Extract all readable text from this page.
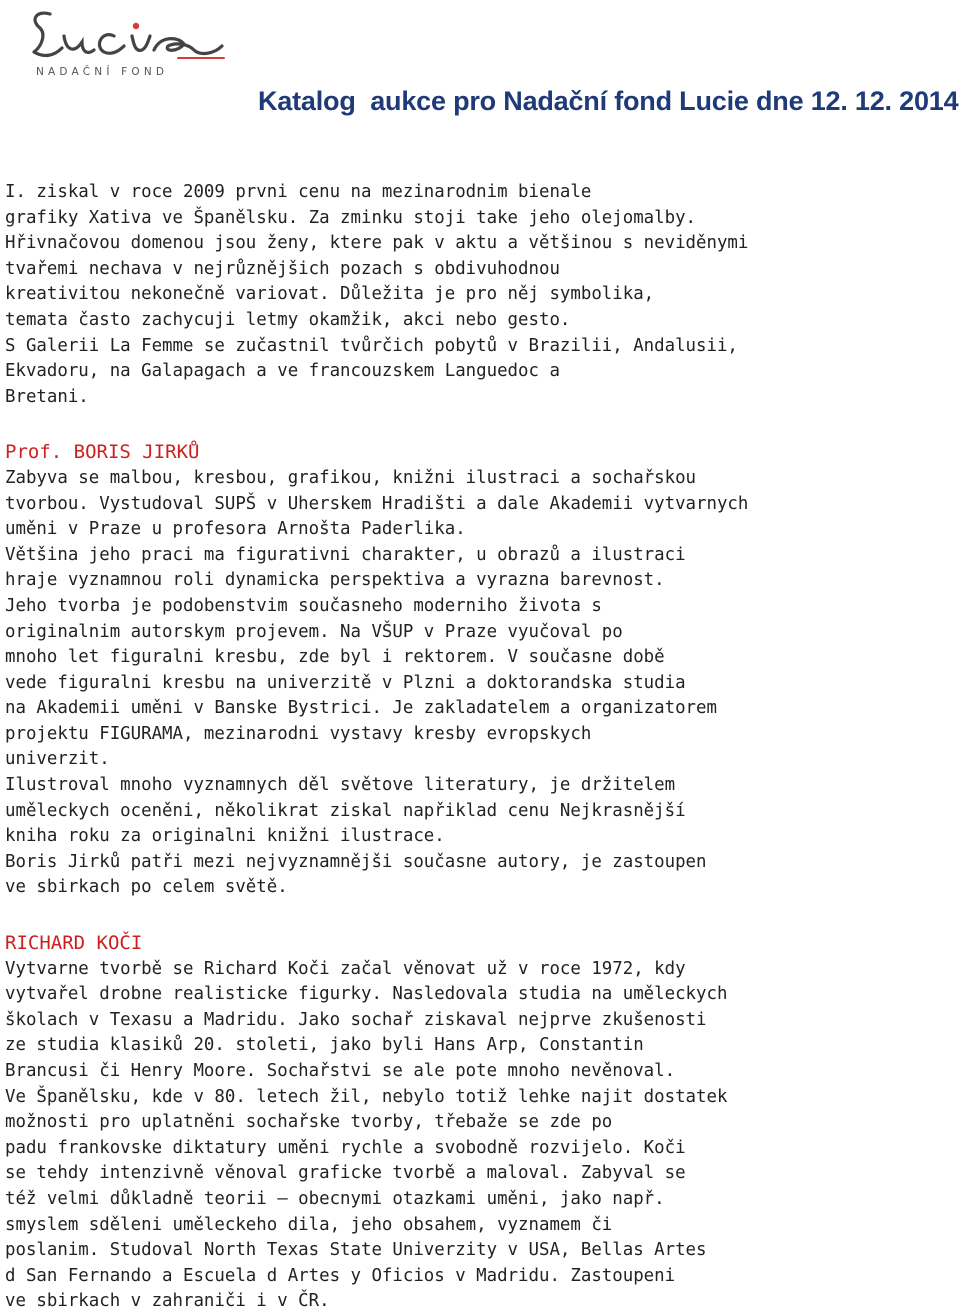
NADAČNÍ FOND
Katalog  aukce pro Nadační fond Lucie dne 12. 12. 2014
I. ziskal v roce 2009 prvni cenu na mezinarodnim bienale
grafiky Xativa ve Španělsku. Za zminku stoji take jeho olejomalby.
Hřivnačovou domenou jsou ženy, ktere pak v aktu a většinou s neviděnymi
tvařemi nechava v nejrůznějšich pozach s obdivuhodnou
kreativitou nekonečně variovat. Důležita je pro něj symbolika,
temata často zachycuji letmy okamžik, akci nebo gesto.
S Galerii La Femme se zučastnil tvůrčich pobytů v Brazilii, Andalusii,
Ekvadoru, na Galapagach a ve francouzskem Languedoc a
Bretani.
Prof. BORIS JIRKŮ
Zabyva se malbou, kresbou, grafikou, knižni ilustraci a sochařskou
tvorbou. Vystudoval SUPŠ v Uherskem Hradišti a dale Akademii vytvarnych
uměni v Praze u profesora Arnošta Paderlika.
Většina jeho praci ma figurativni charakter, u obrazů a ilustraci
hraje vyznamnou roli dynamicka perspektiva a vyrazna barevnost.
Jeho tvorba je podobenstvim současneho moderniho života s
originalnim autorskym projevem. Na VŠUP v Praze vyučoval po
mnoho let figuralni kresbu, zde byl i rektorem. V současne době
vede figuralni kresbu na univerzitě v Plzni a doktorandska studia
na Akademii uměni v Banske Bystrici. Je zakladatelem a organizatorem
projektu FIGURAMA, mezinarodni vystavy kresby evropskych
univerzit.
Ilustroval mnoho vyznamnych děl světove literatury, je držitelem
uměleckych oceněni, několikrat ziskal napřiklad cenu Nejkrasnější
kniha roku za originalni knižni ilustrace.
Boris Jirků patři mezi nejvyznamnějši současne autory, je zastoupen
ve sbirkach po celem světě.
RICHARD KOČI
Vytvarne tvorbě se Richard Koči začal věnovat už v roce 1972, kdy
vytvařel drobne realisticke figurky. Nasledovala studia na uměleckych
školach v Texasu a Madridu. Jako sochař ziskaval nejprve zkušenosti
ze studia klasiků 20. stoleti, jako byli Hans Arp, Constantin
Brancusi či Henry Moore. Sochařstvi se ale pote mnoho nevěnoval.
Ve Španělsku, kde v 80. letech žil, nebylo totiž lehke najit dostatek
možnosti pro uplatněni sochařske tvorby, třebaže se zde po
padu frankovske diktatury uměni rychle a svobodně rozvijelo. Koči
se tehdy intenzivně věnoval graficke tvorbě a maloval. Zabyval se
též velmi důkladně teorii – obecnymi otazkami uměni, jako např.
smyslem sděleni uměleckeho dila, jeho obsahem, vyznamem či
poslanim. Studoval North Texas State Univerzity v USA, Bellas Artes
d San Fernando a Escuela d Artes y Oficios v Madridu. Zastoupeni
ve sbirkach v zahraniči i v ČR.
